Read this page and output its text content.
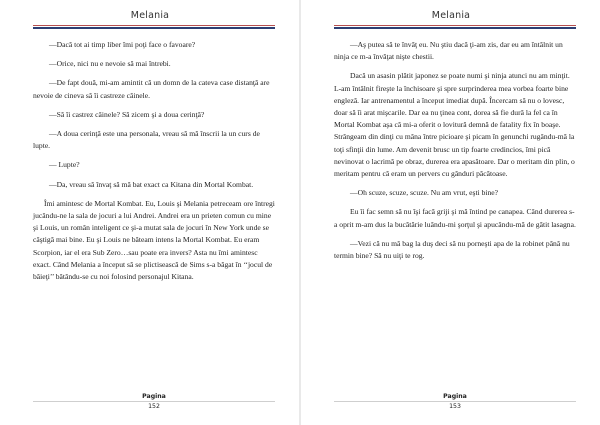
Melania

—Dacă tot ai timp liber îmi poţi face o favoare?

—Orice, nici nu e nevoie să mai întrebi.

—De fapt două, mi-am amintit că un domn de la cateva case distanţă are nevoie de cineva să îi castreze câinele.

—Să îi castrez câinele? Să zicem şi a doua cerinţă?

—A doua cerinţă este una personala, vreau să mă înscrii la un curs de lupte.

— Lupte?

—Da, vreau să învaţ să mă bat exact ca Kitana din Mortal Kombat.

Îmi amintesc de Mortal Kombat. Eu, Louis şi Melania petreceam ore întregi jucându-ne la sala de jocuri a lui Andrei. Andrei era un prieten comun cu mine şi Louis, un român inteligent ce şi-a mutat sala de jocuri în New York unde se câştigă mai bine. Eu şi Louis ne băteam intens la Mortal Kombat. Eu eram Scorpion, iar el era Sub Zero…sau poate era invers? Asta nu îmi amintesc exact. Când Melania a început să se plictisească de Sims s-a băgat în ‘‘jocul de băieţi’’ bătându-se cu noi folosind personajul Kitana.

Pagina
152
Melania

—Aş putea să te învăţ eu. Nu ştiu dacă ţi-am zis, dar eu am întâlnit un ninja ce m-a învăţat nişte chestii.

Dacă un asasin plătit japonez se poate numi şi ninja atunci nu am minţit. L-am întâlnit fireşte la închisoare şi spre surprinderea mea vorbea foarte bine engleză. Iar antrenamentul a început imediat după. Încercam să nu o lovesc, doar să îi arat mişcarile. Dar ea nu ţinea cont, dorea să fie dură la fel ca în Mortal Kombat aşa că mi-a oferit o lovitură demnă de fatality fix în boaşe. Strângeam din dinţi cu mâna între picioare şi picam în genunchi rugându-mă la toţi sfinţii din lume. Am devenit brusc un tip foarte credincios, îmi pică nevinovat o lacrimă pe obraz, durerea era apasătoare. Dar o meritam din plin, o meritam pentru că eram un pervers cu gânduri păcătoase.

—Oh scuze, scuze, scuze. Nu am vrut, eşti bine?

Eu îi fac semn să nu îşi facă griji şi mă întind pe canapea. Când durerea s-a oprit m-am dus la bucătărie luându-mi şorţul şi apucându-mă de gătit lasagna.

—Vezi că nu mă bag la duş deci să nu porneşti apa de la robinet până nu termin bine? Să nu uiţi te rog.

Pagina
153
